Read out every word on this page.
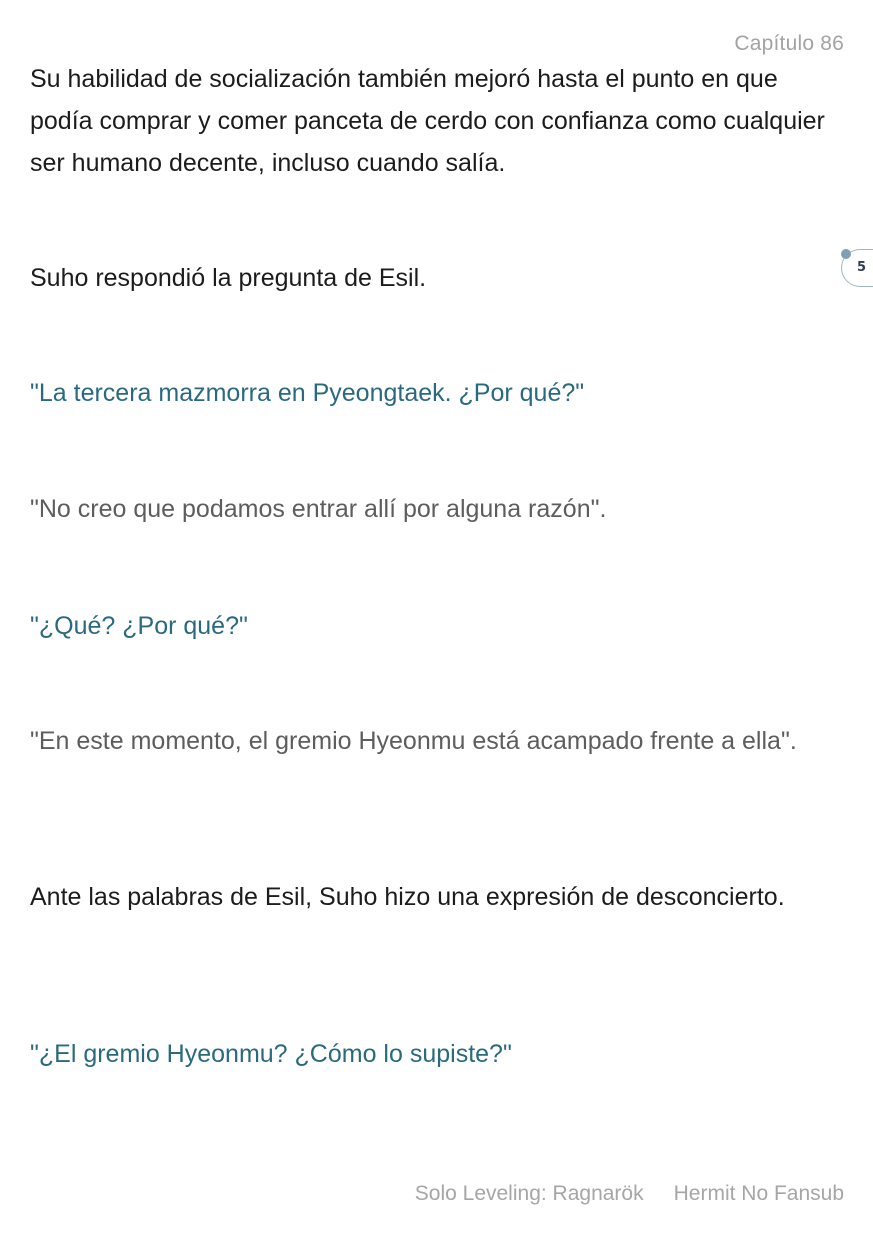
Capítulo 86

Su habilidad de socialización también mejoró hasta el punto en que podía comprar y comer panceta de cerdo con confianza como cualquier ser humano decente, incluso cuando salía.

Suho respondió la pregunta de Esil.

"La tercera mazmorra en Pyeongtaek. ¿Por qué?"

"No creo que podamos entrar allí por alguna razón".

"¿Qué? ¿Por qué?"

"En este momento, el gremio Hyeonmu está acampado frente a ella".

Ante las palabras de Esil, Suho hizo una expresión de desconcierto.

"¿El gremio Hyeonmu? ¿Cómo lo supiste?"

5
Solo Leveling: Ragnarök Hermit No Fansub
